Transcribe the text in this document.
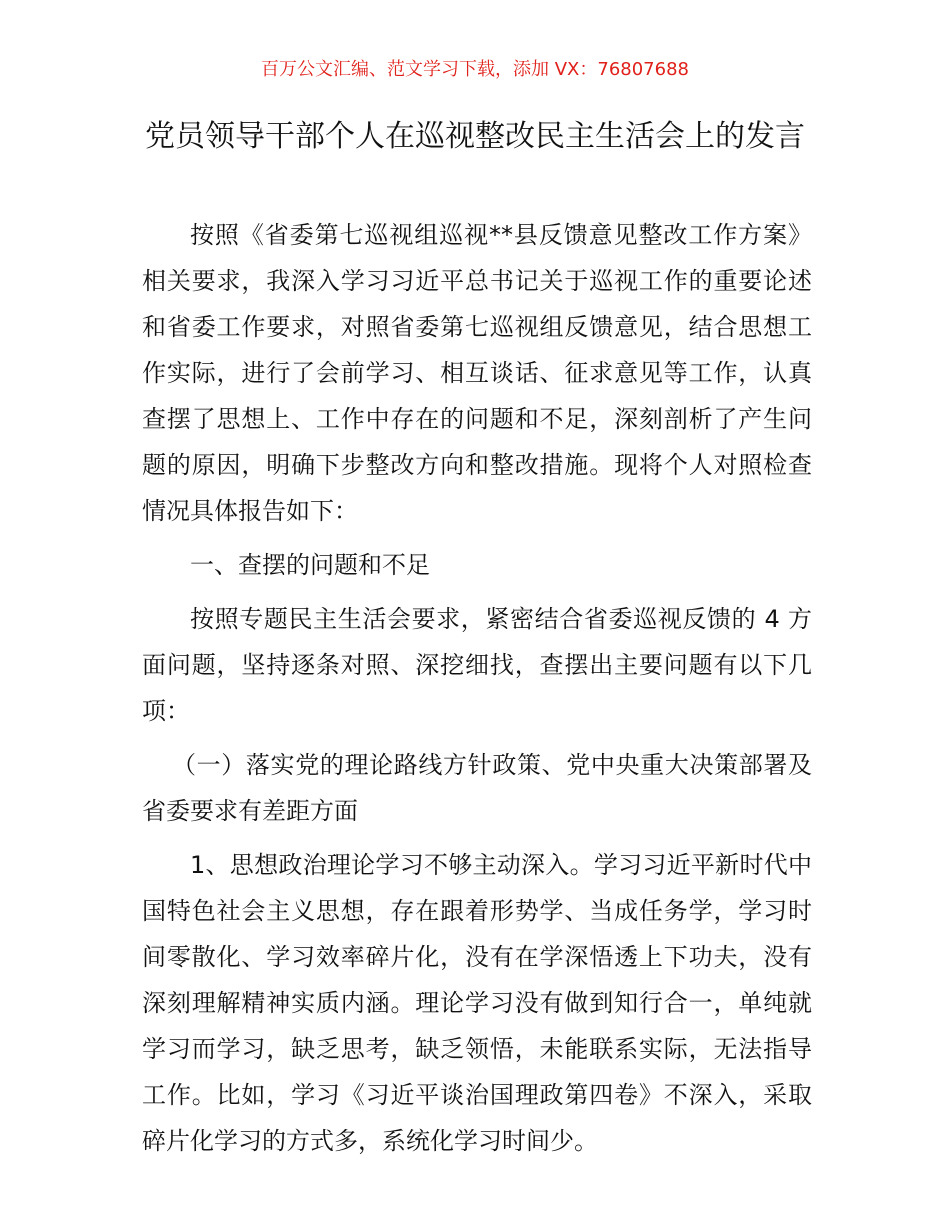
百万公文汇编、范文学习下载，添加 VX：76807688
党员领导干部个人在巡视整改民主生活会上的发言

按照《省委第七巡视组巡视**县反馈意见整改工作方案》相关要求，我深入学习习近平总书记关于巡视工作的重要论述和省委工作要求，对照省委第七巡视组反馈意见，结合思想工作实际，进行了会前学习、相互谈话、征求意见等工作，认真查摆了思想上、工作中存在的问题和不足，深刻剖析了产生问题的原因，明确下步整改方向和整改措施。现将个人对照检查情况具体报告如下：

一、查摆的问题和不足

按照专题民主生活会要求，紧密结合省委巡视反馈的 4 方面问题，坚持逐条对照、深挖细找，查摆出主要问题有以下几项：

（一）落实党的理论路线方针政策、党中央重大决策部署及省委要求有差距方面

1、思想政治理论学习不够主动深入。学习习近平新时代中国特色社会主义思想，存在跟着形势学、当成任务学，学习时间零散化、学习效率碎片化，没有在学深悟透上下功夫，没有深刻理解精神实质内涵。理论学习没有做到知行合一，单纯就学习而学习，缺乏思考，缺乏领悟，未能联系实际，无法指导工作。比如，学习《习近平谈治国理政第四卷》不深入，采取碎片化学习的方式多，系统化学习时间少。
